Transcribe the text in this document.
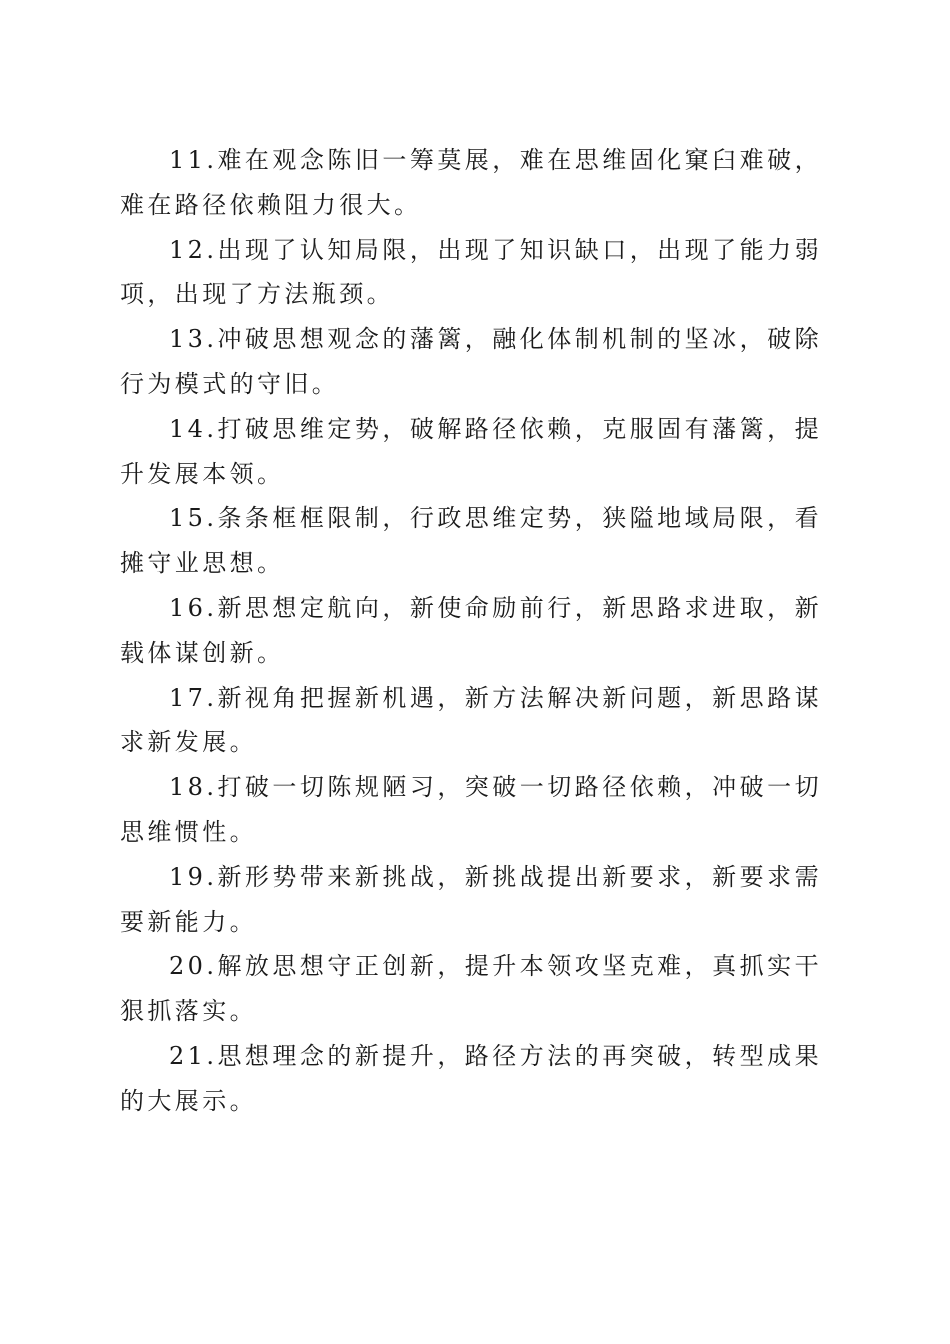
11.难在观念陈旧一筹莫展，难在思维固化窠臼难破，难在路径依赖阻力很大。

12.出现了认知局限，出现了知识缺口，出现了能力弱项，出现了方法瓶颈。

13.冲破思想观念的藩篱，融化体制机制的坚冰，破除行为模式的守旧。

14.打破思维定势，破解路径依赖，克服固有藩篱，提升发展本领。

15.条条框框限制，行政思维定势，狭隘地域局限，看摊守业思想。

16.新思想定航向，新使命励前行，新思路求进取，新载体谋创新。

17.新视角把握新机遇，新方法解决新问题，新思路谋求新发展。

18.打破一切陈规陋习，突破一切路径依赖，冲破一切思维惯性。

19.新形势带来新挑战，新挑战提出新要求，新要求需要新能力。

20.解放思想守正创新，提升本领攻坚克难，真抓实干狠抓落实。

21.思想理念的新提升，路径方法的再突破，转型成果的大展示。
